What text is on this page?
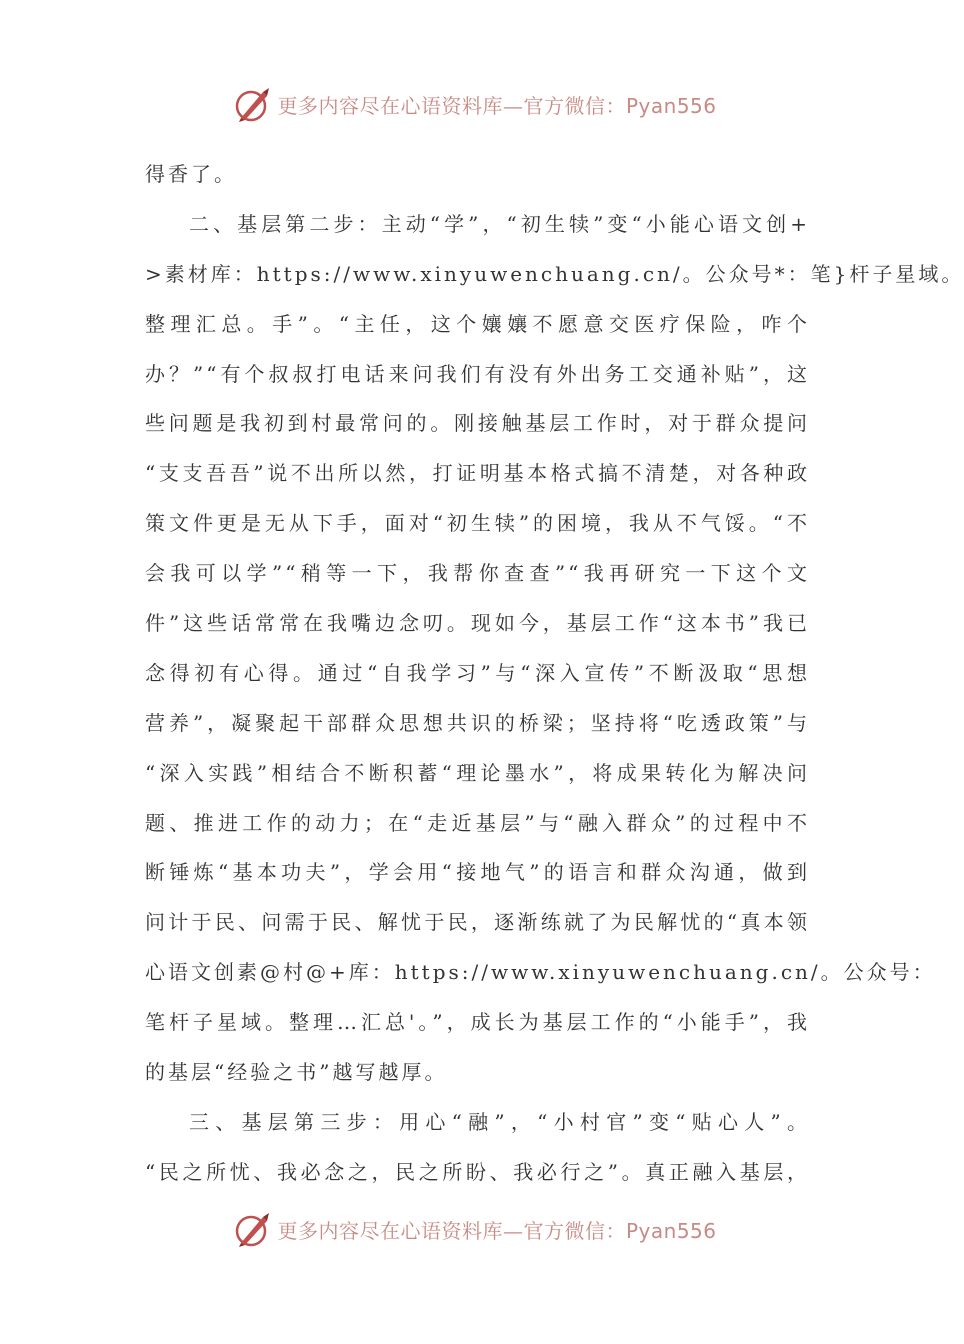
更多内容尽在心语资料库—官方微信：Pyan556
得香了。
二、基层第二步：主动“学”，“初生犊”变“小能心语文创+
>素材库：https://www.xinyuwenchuang.cn/。公众号*：笔}杆子星域。
整理汇总。手”。“主任，这个孃孃不愿意交医疗保险，咋个
办？”“有个叔叔打电话来问我们有没有外出务工交通补贴”，这
些问题是我初到村最常问的。刚接触基层工作时，对于群众提问
“支支吾吾”说不出所以然，打证明基本格式搞不清楚，对各种政
策文件更是无从下手，面对“初生犊”的困境，我从不气馁。“不
会我可以学”“稍等一下，我帮你查查”“我再研究一下这个文
件”这些话常常在我嘴边念叨。现如今，基层工作“这本书”我已
念得初有心得。通过“自我学习”与“深入宣传”不断汲取“思想
营养”，凝聚起干部群众思想共识的桥梁；坚持将“吃透政策”与
“深入实践”相结合不断积蓄“理论墨水”，将成果转化为解决问
题、推进工作的动力；在“走近基层”与“融入群众”的过程中不
断锤炼“基本功夫”，学会用“接地气”的语言和群众沟通，做到
问计于民、问需于民、解忧于民，逐渐练就了为民解忧的“真本领
心语文创素@村@+库：https://www.xinyuwenchuang.cn/。公众号：
笔杆子星域。整理…汇总'。”，成长为基层工作的“小能手”，我
的基层“经验之书”越写越厚。
三、基层第三步：用心“融”，“小村官”变“贴心人”。
“民之所忧、我必念之，民之所盼、我必行之”。真正融入基层，
更多内容尽在心语资料库—官方微信：Pyan556
